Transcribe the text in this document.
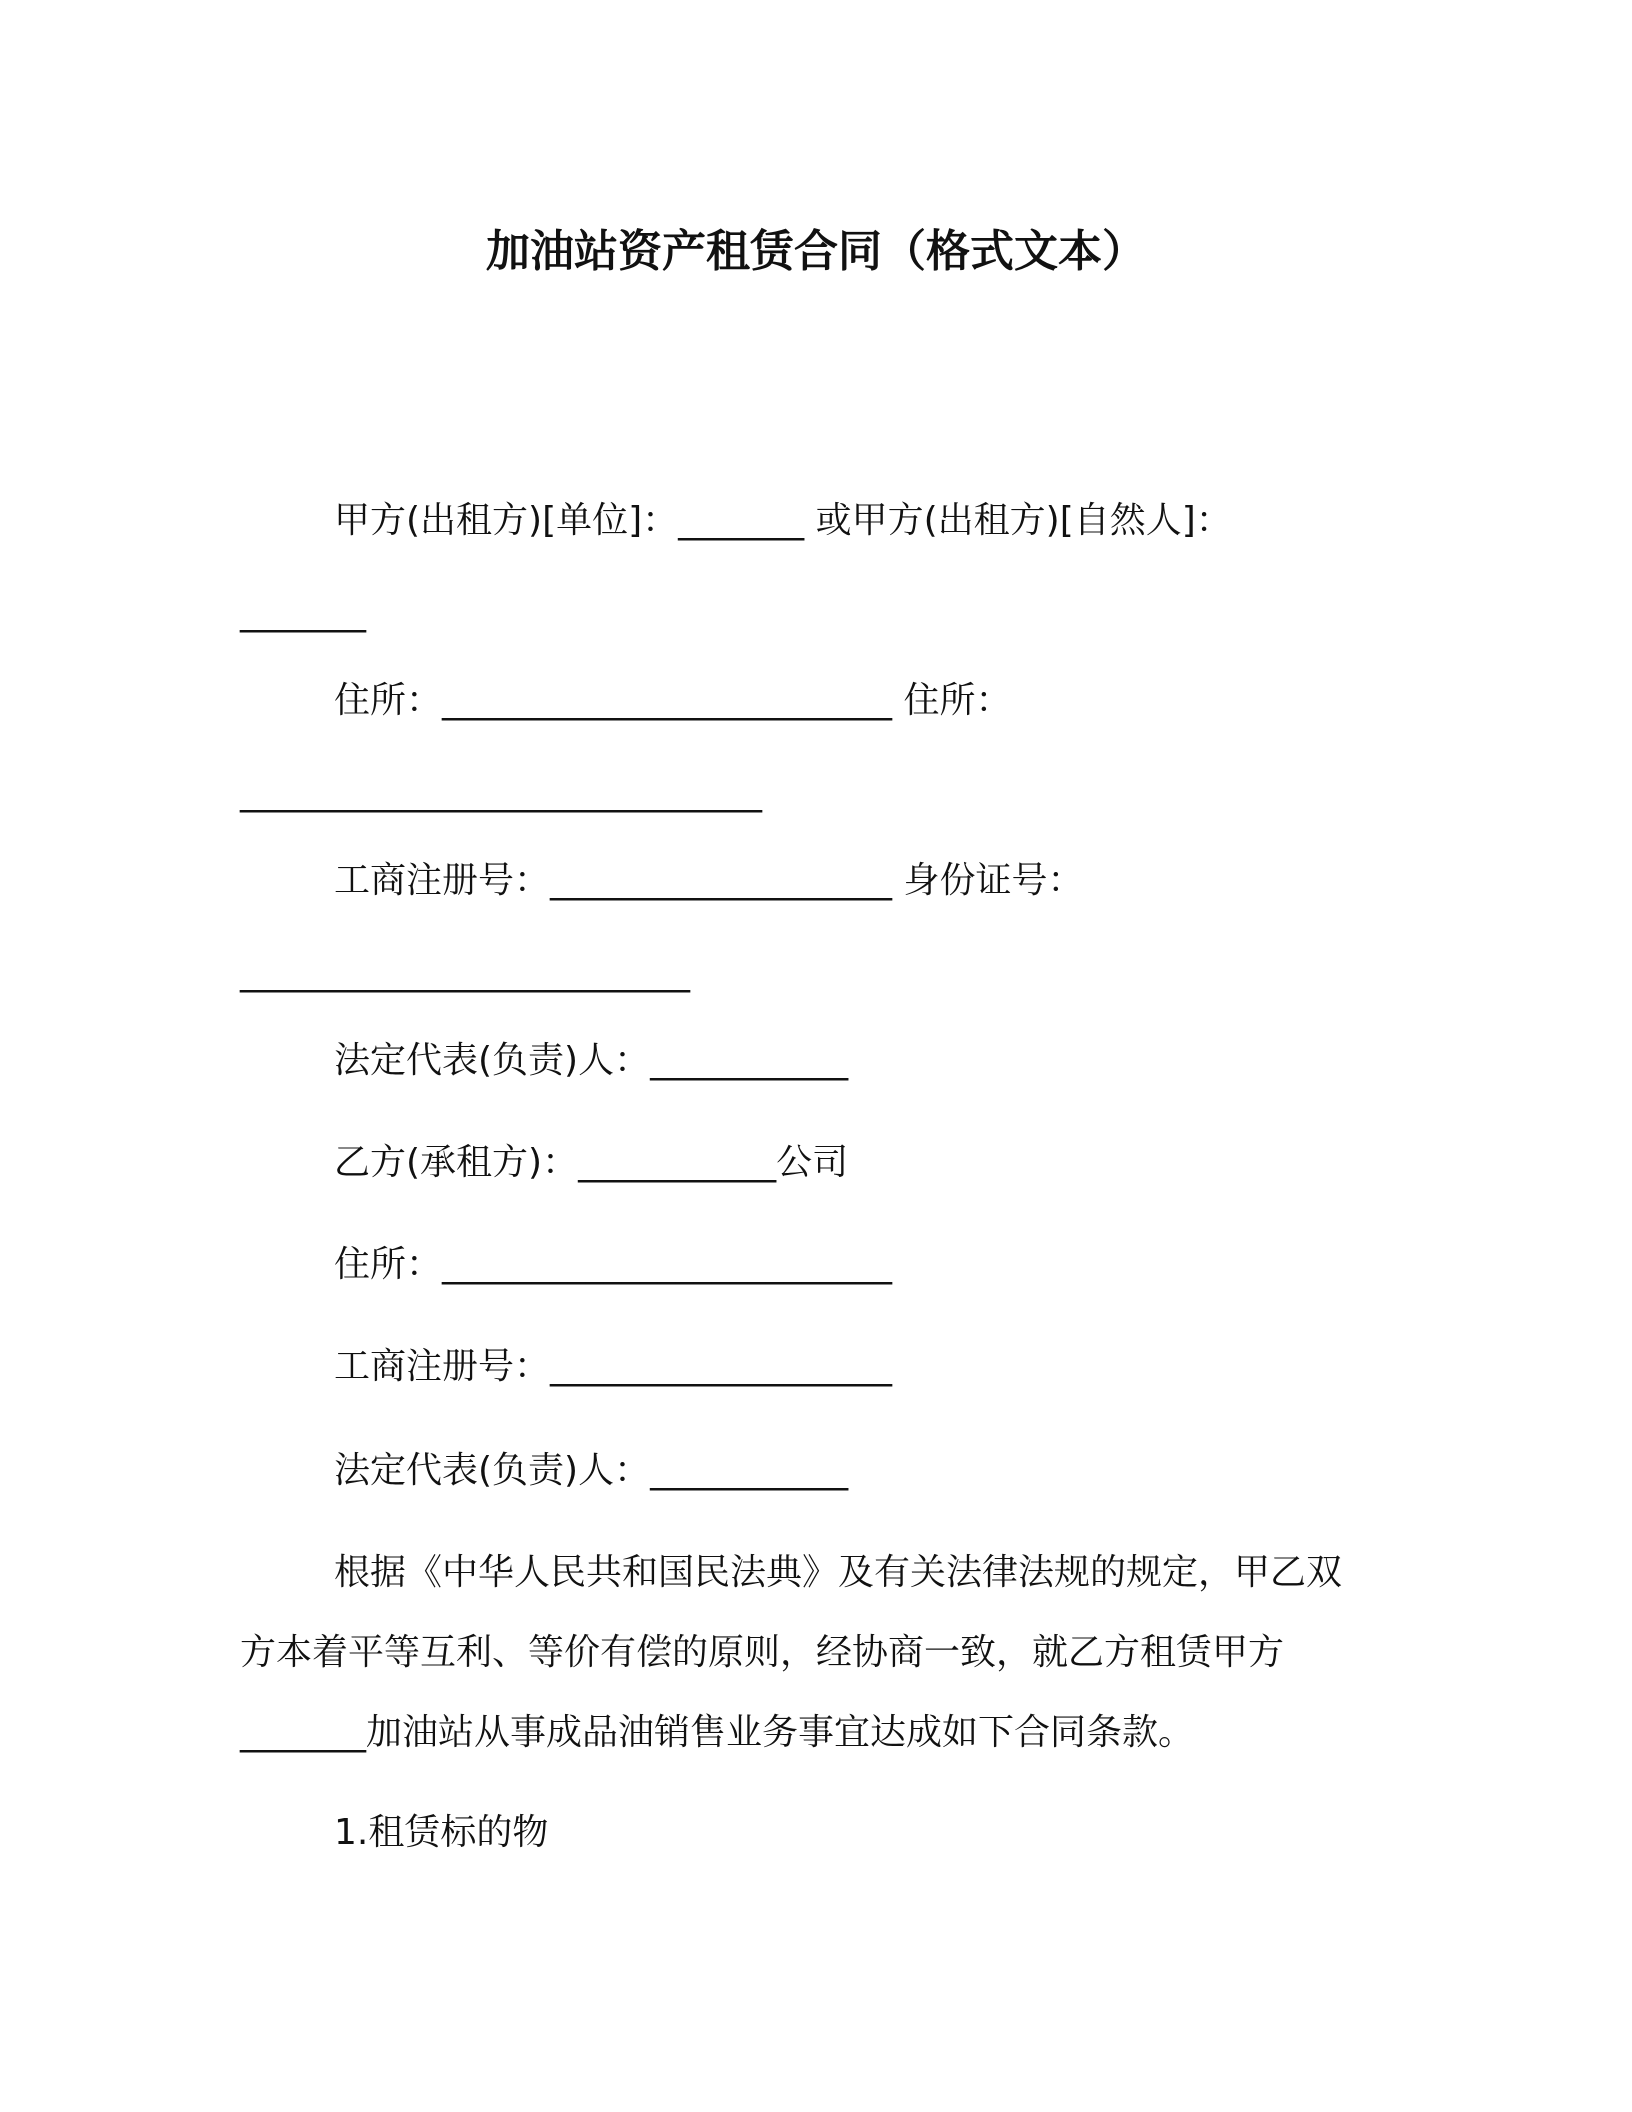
加油站资产租赁合同（格式文本）
甲方(出租方)[单位]：_______ 或甲方(出租方)[自然人]：
_______
住所：_________________________ 住所：
_____________________________
工商注册号：___________________ 身份证号：
_________________________
法定代表(负责)人：___________
乙方(承租方)：___________公司
住所：_________________________
工商注册号：___________________
法定代表(负责)人：___________
根据《中华人民共和国民法典》及有关法律法规的规定，甲乙双
方本着平等互利、等价有偿的原则，经协商一致，就乙方租赁甲方
_______加油站从事成品油销售业务事宜达成如下合同条款。
1.租赁标的物
